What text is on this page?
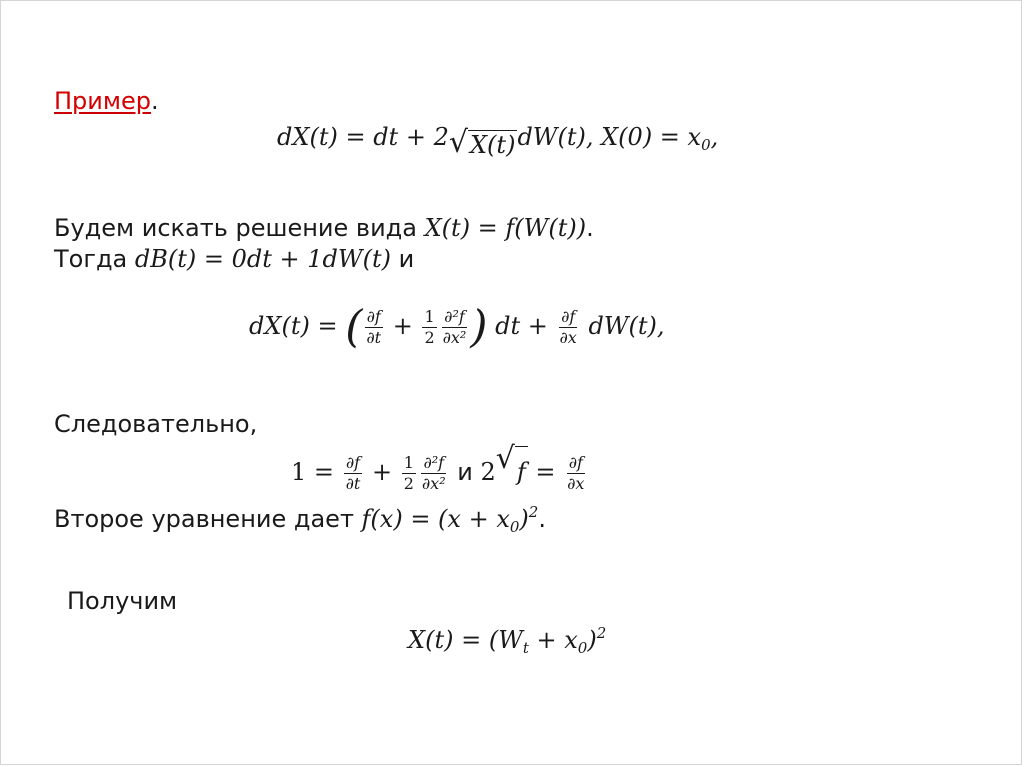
Пример.
dX(t) = dt + 2 √ X(t) dW(t), $X(0) = x_0$,
Будем искать решение вида X(t) = f(W(t)).
Тогда dB(t) = 0dt + 1dW(t) и
dX(t) = ( $\frac{\partial f}{\partial t} + \frac{1}{2} \frac{\text{∂²f}}{\text{∂x²}}$ ) dt + $\frac{\partial f}{\partial x} dW(t)$,
Следовательно,
$1 = \frac{\partial f}{\partial t} + \frac{1}{2} \frac{\text{∂²f}}{\text{∂x²}}$ и 2 √ $f = \frac{\partial f}{\partial x}$
Второе уравнение дает $f(x) = (x + x_0)^2$.
Получим
$X(t) = (W_t + x_0)^2$
